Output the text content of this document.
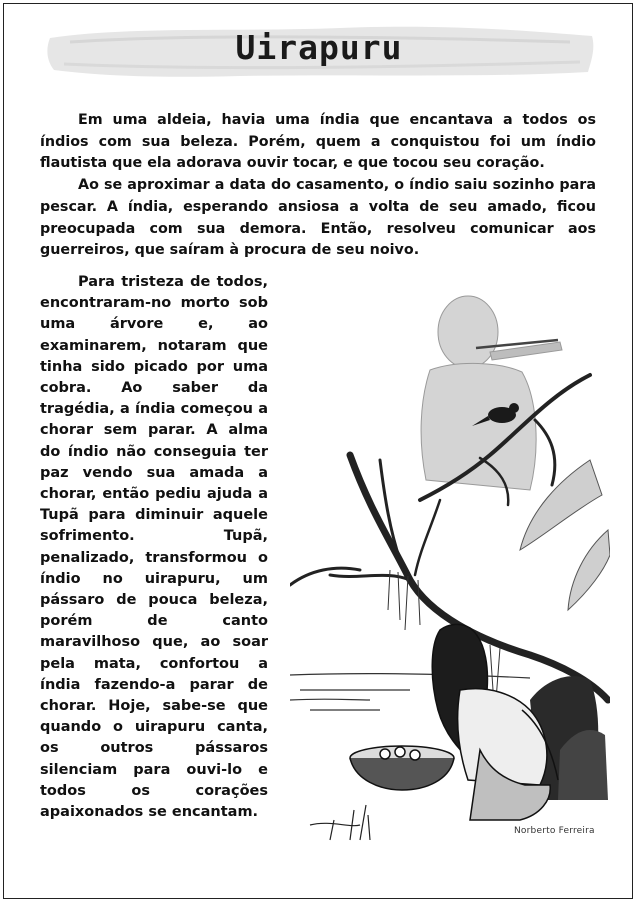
Uirapuru

Em uma aldeia, havia uma índia que encantava a todos os índios com sua beleza. Porém, quem a conquistou foi um índio flautista que ela adorava ouvir tocar, e que tocou seu coração.

Ao se aproximar a data do casamento, o índio saiu sozinho para pescar. A índia, esperando ansiosa a volta de seu amado, ficou preocupada com sua demora. Então, resolveu comunicar aos guerreiros, que saíram à procura de seu noivo.

Para tristeza de todos, encontraram-no morto sob uma árvore e, ao examinarem, notaram que tinha sido picado por uma cobra. Ao saber da tragédia, a índia começou a chorar sem parar. A alma do índio não conseguia ter paz vendo sua amada a chorar, então pediu ajuda a Tupã para diminuir aquele sofrimento. Tupã, penalizado, transformou o índio no uirapuru, um pássaro de pouca beleza, porém de canto maravilhoso que, ao soar pela mata, confortou a índia fazendo-a parar de chorar. Hoje, sabe-se que quando o uirapuru canta, os outros pássaros silenciam para ouvi-lo e todos os corações apaixonados se encantam.

Norberto Ferreira
